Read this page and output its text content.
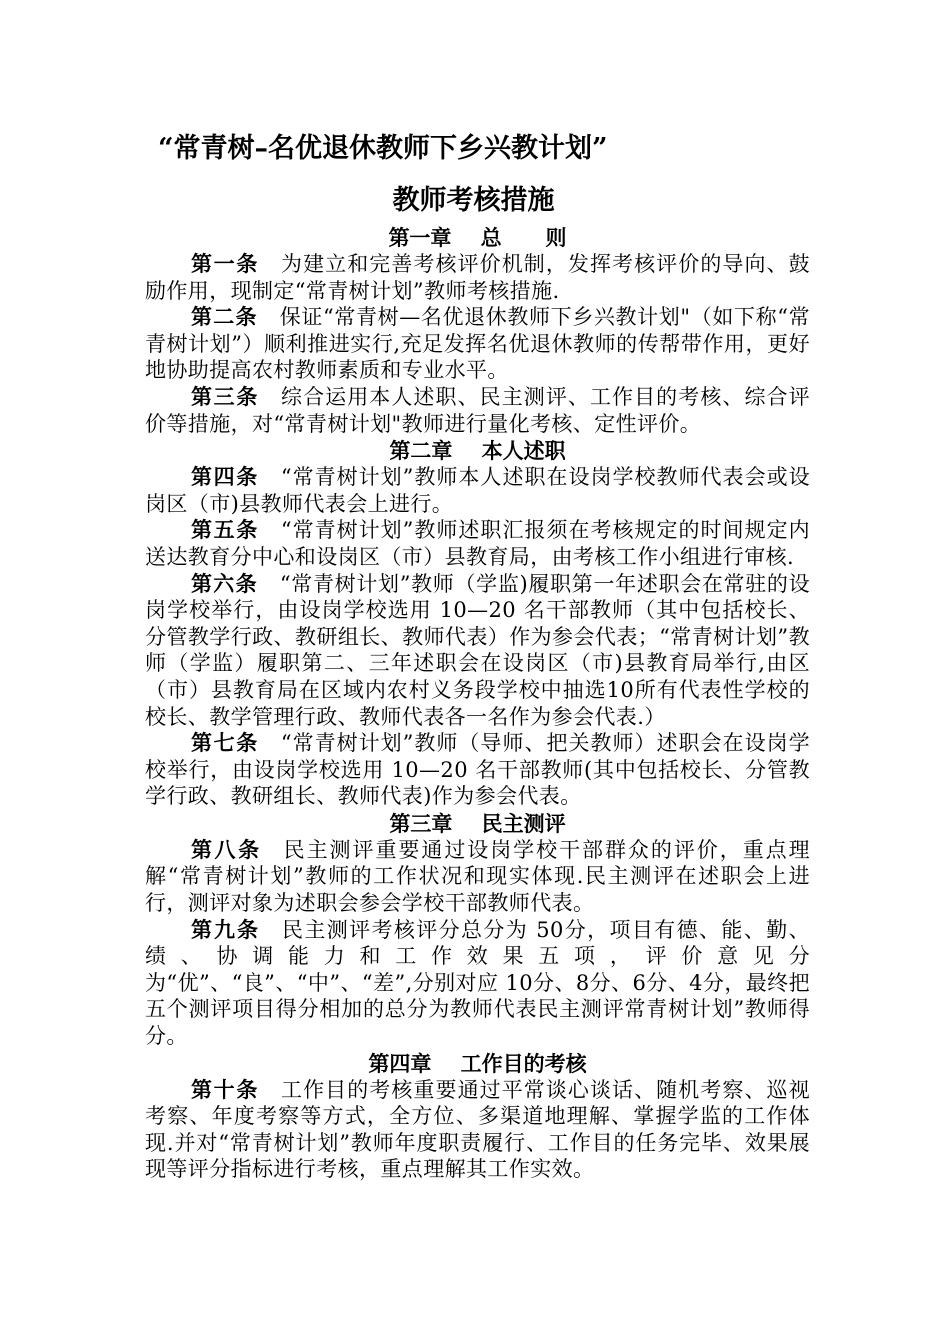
“常青树–名优退休教师下乡兴教计划”
教师考核措施
第一章    总      则

第一条 为建立和完善考核评价机制，发挥考核评价的导向、鼓励作用，现制定“常青树计划”教师考核措施.

第二条 保证“常青树—名优退休教师下乡兴教计划"（如下称“常青树计划”）顺利推进实行,充足发挥名优退休教师的传帮带作用，更好地协助提高农村教师素质和专业水平。

第三条 综合运用本人述职、民主测评、工作目的考核、综合评价等措施，对“常青树计划"教师进行量化考核、定性评价。

第二章    本人述职

第四条 “常青树计划”教师本人述职在设岗学校教师代表会或设岗区（市)县教师代表会上进行。

第五条 “常青树计划”教师述职汇报须在考核规定的时间规定内送达教育分中心和设岗区（市）县教育局，由考核工作小组进行审核.

第六条 “常青树计划”教师（学监)履职第一年述职会在常驻的设岗学校举行，由设岗学校选用 10—20 名干部教师（其中包括校长、分管教学行政、教研组长、教师代表）作为参会代表；“常青树计划”教师（学监）履职第二、三年述职会在设岗区（市)县教育局举行,由区（市）县教育局在区域内农村义务段学校中抽选10所有代表性学校的校长、教学管理行政、教师代表各一名作为参会代表.）

第七条 “常青树计划”教师（导师、把关教师）述职会在设岗学校举行，由设岗学校选用 10—20 名干部教师(其中包括校长、分管教学行政、教研组长、教师代表)作为参会代表。

第三章    民主测评

第八条 民主测评重要通过设岗学校干部群众的评价，重点理解“常青树计划”教师的工作状况和现实体现.民主测评在述职会上进行，测评对象为述职会参会学校干部教师代表。

第九条 民主测评考核评分总分为 50分，项目有德、能、勤、绩、协调能力和工作效果五项，评价意见分为“优”、“良”、“中”、“差”,分别对应 10分、8分、6分、4分，最终把五个测评项目得分相加的总分为教师代表民主测评常青树计划”教师得分。

第四章    工作目的考核

第十条 工作目的考核重要通过平常谈心谈话、随机考察、巡视考察、年度考察等方式，全方位、多渠道地理解、掌握学监的工作体现.并对“常青树计划”教师年度职责履行、工作目的任务完毕、效果展现等评分指标进行考核，重点理解其工作实效。
